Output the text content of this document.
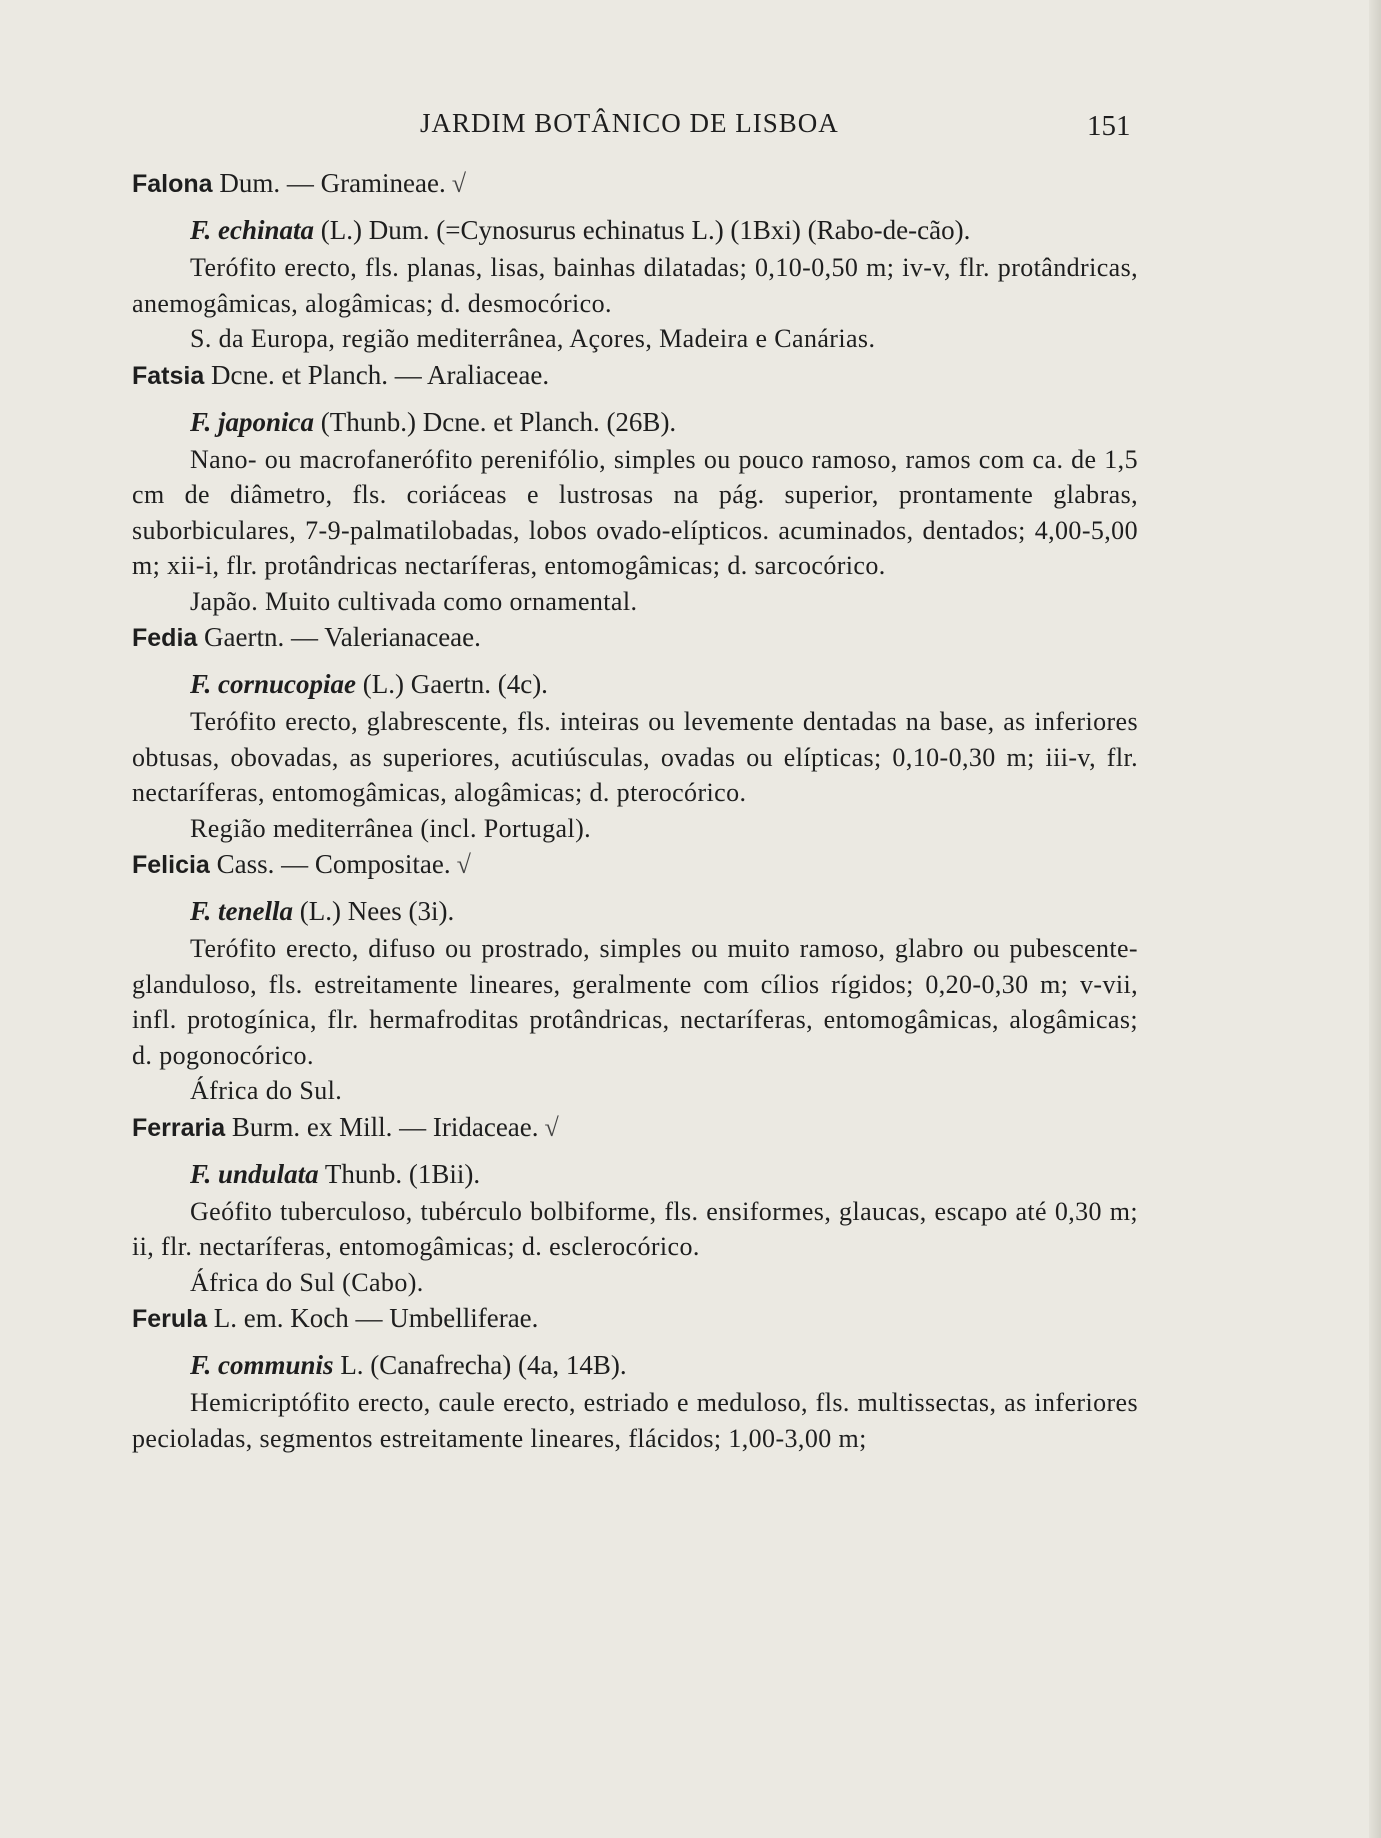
JARDIM BOTÂNICO DE LISBOA	151
Falona Dum. — Gramineae. √
F. echinata (L.) Dum. (=Cynosurus echinatus L.) (1Bxi) (Rabo-de-cão).

Terófito erecto, fls. planas, lisas, bainhas dilatadas; 0,10-0,50 m; iv-v, flr. protândricas, anemogâmicas, alogâmicas; d. desmocórico.

S. da Europa, região mediterrânea, Açores, Madeira e Canárias.
Fatsia Dcne. et Planch. — Araliaceae.
F. japonica (Thunb.) Dcne. et Planch. (26B).

Nano- ou macrofanerófito perenifólio, simples ou pouco ramoso, ramos com ca. de 1,5 cm de diâmetro, fls. coriáceas e lustrosas na pág. superior, prontamente glabras, suborbiculares, 7-9-palmatilobadas, lobos ovado-elípticos. acuminados, dentados; 4,00-5,00 m; xii-i, flr. protândricas nectaríferas, entomogâmicas; d. sarcocórico.

Japão. Muito cultivada como ornamental.
Fedia Gaertn. — Valerianaceae.
F. cornucopiae (L.) Gaertn. (4c).

Terófito erecto, glabrescente, fls. inteiras ou levemente dentadas na base, as inferiores obtusas, obovadas, as superiores, acutiúsculas, ovadas ou elípticas; 0,10-0,30 m; iii-v, flr. nectaríferas, entomogâmicas, alogâmicas; d. pterocórico.

Região mediterrânea (incl. Portugal).
Felicia Cass. — Compositae. √
F. tenella (L.) Nees (3i).

Terófito erecto, difuso ou prostrado, simples ou muito ramoso, glabro ou pubescente-glanduloso, fls. estreitamente lineares, geralmente com cílios rígidos; 0,20-0,30 m; v-vii, infl. protogínica, flr. hermafroditas protândricas, nectaríferas, entomogâmicas, alogâmicas; d. pogonocórico.

África do Sul.
Ferraria Burm. ex Mill. — Iridaceae. √
F. undulata Thunb. (1Bii).

Geófito tuberculoso, tubérculo bolbiforme, fls. ensiformes, glaucas, escapo até 0,30 m; ii, flr. nectaríferas, entomogâmicas; d. esclerocórico.

África do Sul (Cabo).
Ferula L. em. Koch — Umbelliferae.
F. communis L. (Canafrecha) (4a, 14B).

Hemicriptófito erecto, caule erecto, estriado e meduloso, fls. multissectas, as inferiores pecioladas, segmentos estreitamente lineares, flácidos; 1,00-3,00 m;
